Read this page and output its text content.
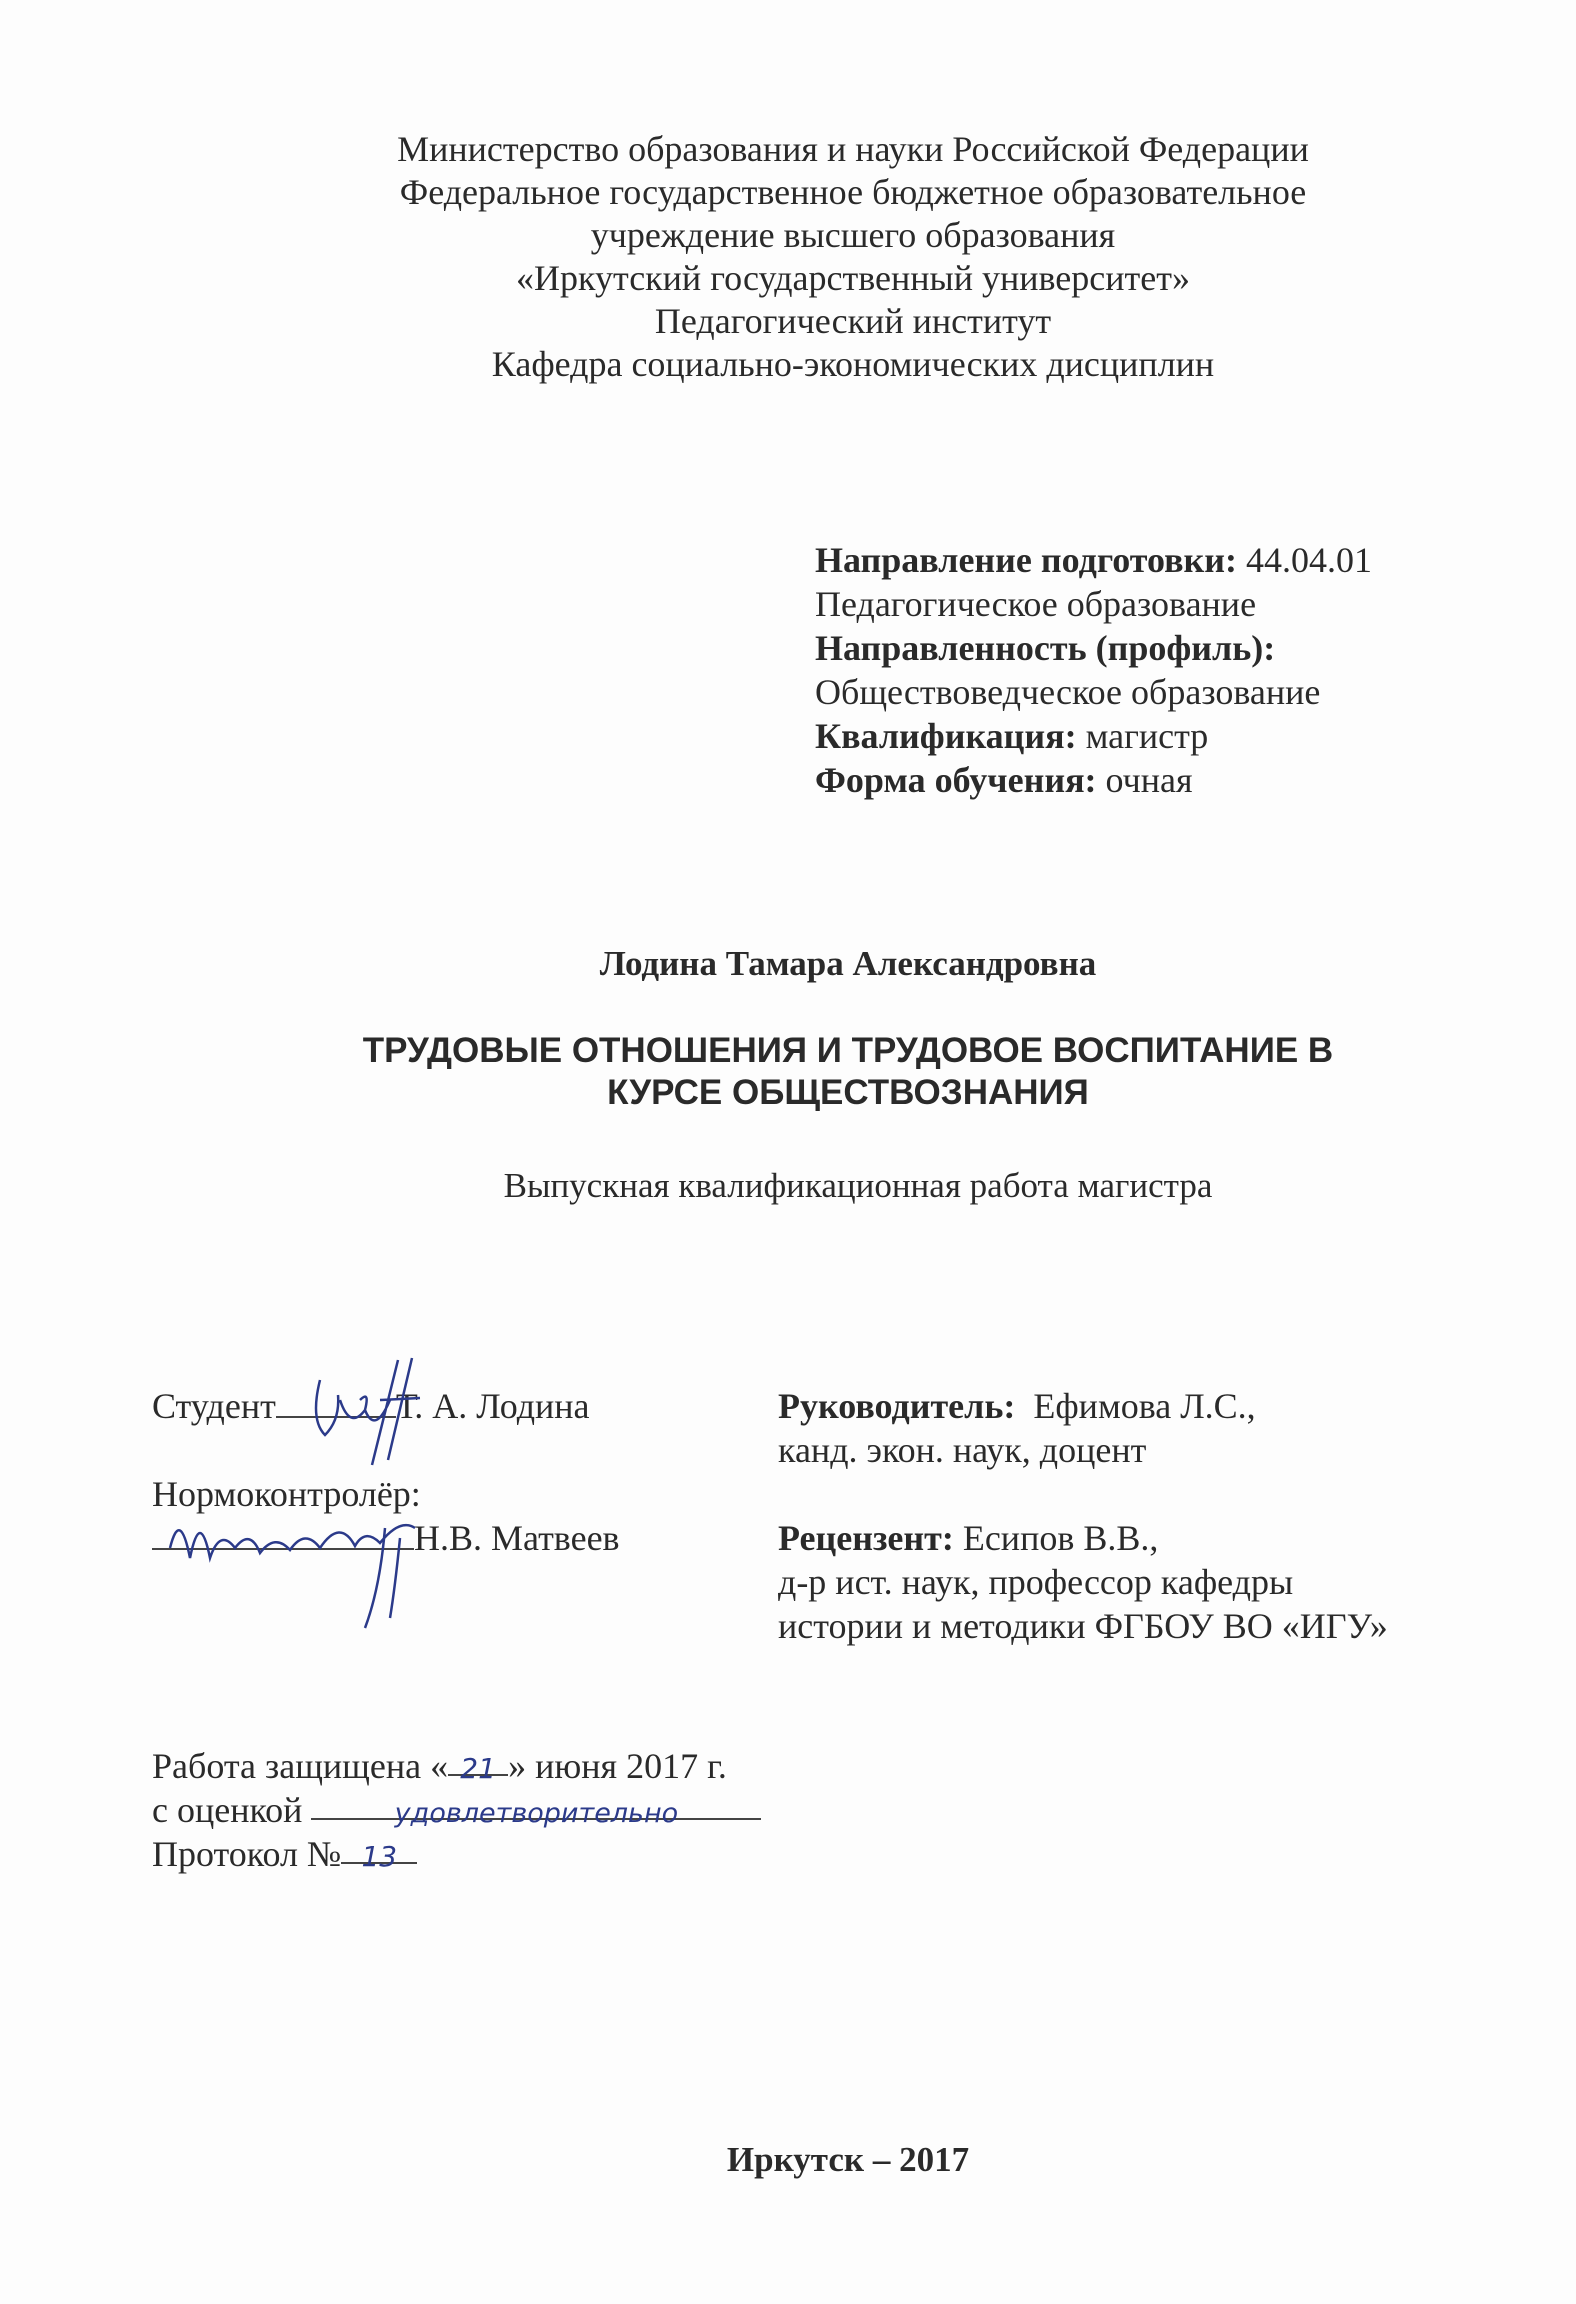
Министерство образования и науки Российской Федерации
Федеральное государственное бюджетное образовательное
учреждение высшего образования
«Иркутский государственный университет»
Педагогический институт
Кафедра социально-экономических дисциплин
Направление подготовки: 44.04.01
Педагогическое образование
Направленность (профиль):
Обществоведческое образование
Квалификация: магистр
Форма обучения: очная
Лодина Тамара Александровна
ТРУДОВЫЕ ОТНОШЕНИЯ И ТРУДОВОЕ ВОСПИТАНИЕ В
КУРСЕ ОБЩЕСТВОЗНАНИЯ
Выпускная квалификационная работа магистра
Студент	Т. А. Лодина
Нормоконтролёр:
Н.В. Матвеев
Руководитель: Ефимова Л.С.,
канд. экон. наук, доцент
Рецензент: Есипов В.В.,
д-р ист. наук, профессор кафедры
истории и методики ФГБОУ ВО «ИГУ»
Работа защищена « 21 » июня 2017 г.
с оценкой	удовлетворительно
Протокол № 13
Иркутск – 2017
